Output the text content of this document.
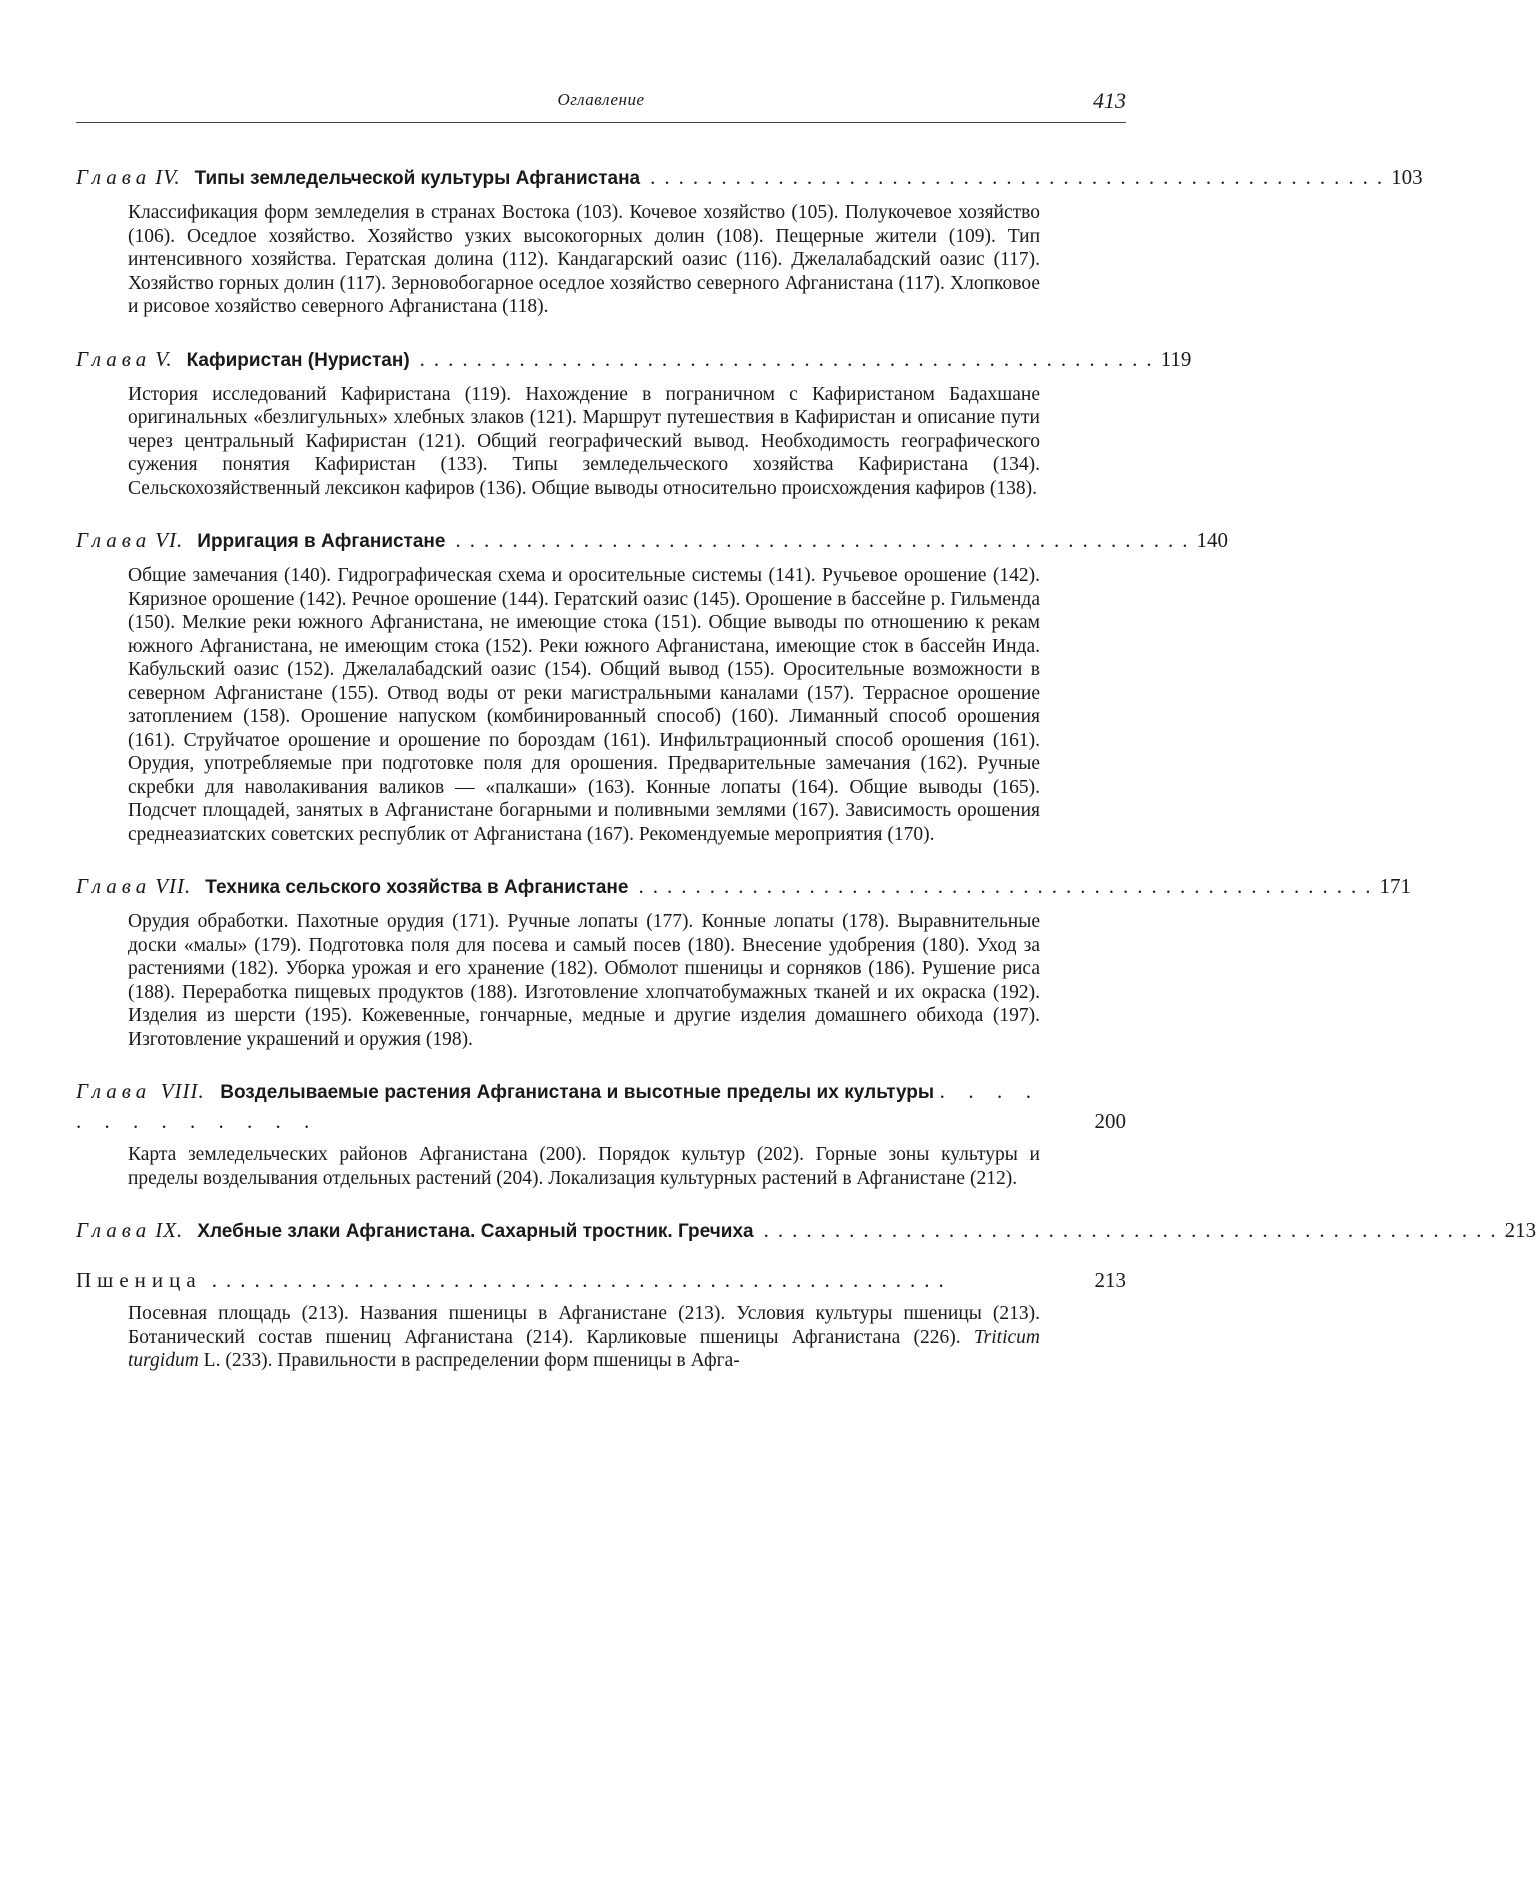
Оглавление	413
Глава IV. Типы земледельческой культуры Афганистана .................................................... 103
Классификация форм земледелия в странах Востока (103). Кочевое хозяйство (105). Полукочевое хозяйство (106). Оседлое хозяйство. Хозяйство узких высокогорных долин (108). Пещерные жители (109). Тип интенсивного хозяйства. Гератская долина (112). Кандагарский оазис (116). Джелалабадский оазис (117). Хозяйство горных долин (117). Зерновобогарное оседлое хозяйство северного Афганистана (117). Хлопковое и рисовое хозяйство северного Афганистана (118).
Глава V. Кафиристан (Нуристан) .................................................... 119
История исследований Кафиристана (119). Нахождение в пограничном с Кафиристаном Бадахшане оригинальных «безлигульных» хлебных злаков (121). Маршрут путешествия в Кафиристан и описание пути через центральный Кафиристан (121). Общий географический вывод. Необходимость географического сужения понятия Кафиристан (133). Типы земледельческого хозяйства Кафиристана (134). Сельскохозяйственный лексикон кафиров (136). Общие выводы относительно происхождения кафиров (138).
Глава VI. Ирригация в Афганистане .................................................... 140
Общие замечания (140). Гидрографическая схема и оросительные системы (141). Ручьевое орошение (142). Кяризное орошение (142). Речное орошение (144). Гератский оазис (145). Орошение в бассейне р. Гильменда (150). Мелкие реки южного Афганистана, не имеющие стока (151). Общие выводы по отношению к рекам южного Афганистана, не имеющим стока (152). Реки южного Афганистана, имеющие сток в бассейн Инда. Кабульский оазис (152). Джелалабадский оазис (154). Общий вывод (155). Оросительные возможности в северном Афганистане (155). Отвод воды от реки магистральными каналами (157). Террасное орошение затоплением (158). Орошение напуском (комбинированный способ) (160). Лиманный способ орошения (161). Струйчатое орошение и орошение по бороздам (161). Инфильтрационный способ орошения (161). Орудия, употребляемые при подготовке поля для орошения. Предварительные замечания (162). Ручные скребки для наволакивания валиков — «палкаши» (163). Конные лопаты (164). Общие выводы (165). Подсчет площадей, занятых в Афганистане богарными и поливными землями (167). Зависимость орошения среднеазиатских советских республик от Афганистана (167). Рекомендуемые мероприятия (170).
Глава VII. Техника сельского хозяйства в Афганистане .................................................... 171
Орудия обработки. Пахотные орудия (171). Ручные лопаты (177). Конные лопаты (178). Выравнительные доски «малы» (179). Подготовка поля для посева и самый посев (180). Внесение удобрения (180). Уход за растениями (182). Уборка урожая и его хранение (182). Обмолот пшеницы и сорняков (186). Рушение риса (188). Переработка пищевых продуктов (188). Изготовление хлопчатобумажных тканей и их окраска (192). Изделия из шерсти (195). Кожевенные, гончарные, медные и другие изделия домашнего обихода (197). Изготовление украшений и оружия (198).
Глава VIII. Возделываемые растения Афганистана и высотные пределы их культуры . . . . . . . . . . . . .	200
Карта земледельческих районов Афганистана (200). Порядок культур (202). Горные зоны культуры и пределы возделывания отдельных растений (204). Локализация культурных растений в Афганистане (212).
Глава IX. Хлебные злаки Афганистана. Сахарный тростник. Гречиха .................................................... 213
Пшеница ....................................................	213
Посевная площадь (213). Названия пшеницы в Афганистане (213). Условия культуры пшеницы (213). Ботанический состав пшениц Афганистана (214). Карликовые пшеницы Афганистана (226). Triticum turgidum L. (233). Правильности в распределении форм пшеницы в Афга-
